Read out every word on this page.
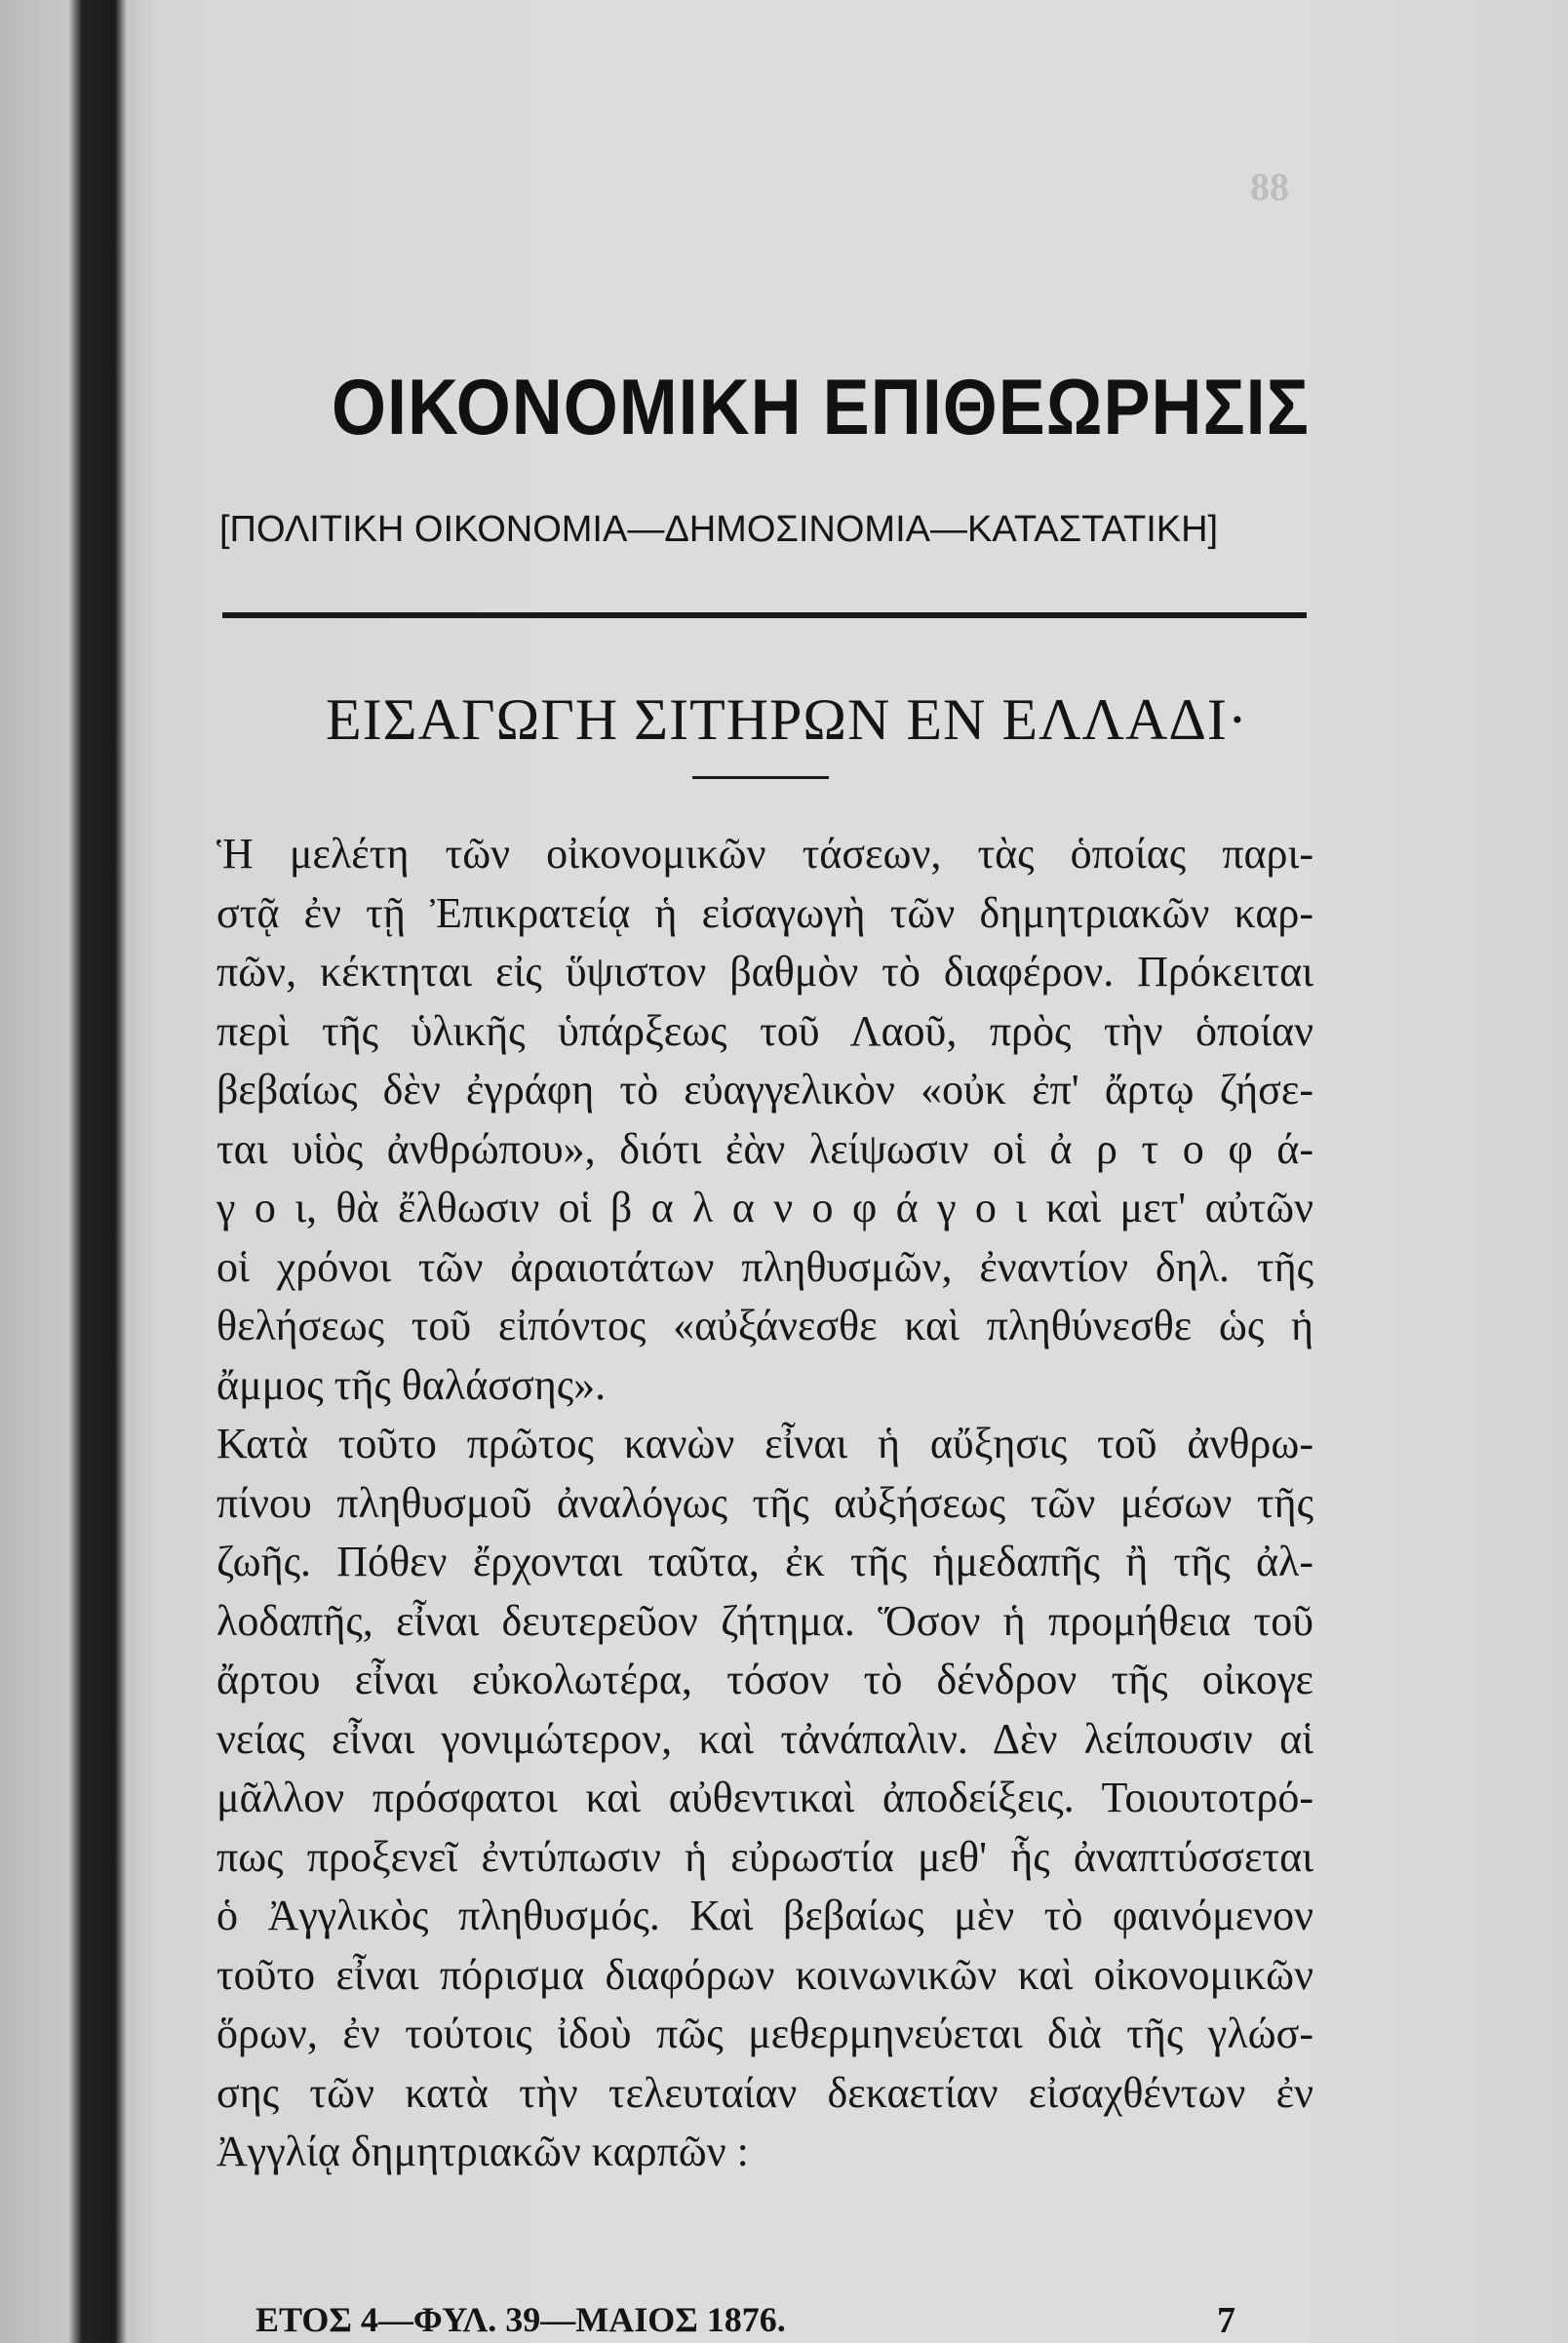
88
ΟΙΚΟΝΟΜΙΚΗ ΕΠΙΘΕΩΡΗΣΙΣ
[ΠΟΛΙΤΙΚΗ ΟΙΚΟΝΟΜΙΑ—ΔΗΜΟΣΙΝΟΜΙΑ—ΚΑΤΑΣΤΑΤΙΚΗ]
ΕΙΣΑΓΩΓΗ ΣΙΤΗΡΩΝ ΕΝ ΕΛΛΑΔΙ·
Ἡ μελέτη τῶν οἰκονομικῶν τάσεων, τὰς ὁποίας παρι-
στᾷ ἐν τῇ Ἐπικρατείᾳ ἡ εἰσαγωγὴ τῶν δημητριακῶν καρ-
πῶν, κέκτηται εἰς ὕψιστον βαθμὸν τὸ διαφέρον. Πρόκειται
περὶ τῆς ὑλικῆς ὑπάρξεως τοῦ Λαοῦ, πρὸς τὴν ὁποίαν
βεβαίως δὲν ἐγράφη τὸ εὐαγγελικὸν «οὐκ ἐπ' ἄρτῳ ζήσε-
ται υἱὸς ἀνθρώπου», διότι ἐὰν λείψωσιν οἱ ἀ ρ τ ο φ ά-
γ ο ι, θὰ ἔλθωσιν οἱ β α λ α ν ο φ ά γ ο ι καὶ μετ' αὐτῶν
οἱ χρόνοι τῶν ἀραιοτάτων πληθυσμῶν, ἐναντίον δηλ. τῆς
θελήσεως τοῦ εἰπόντος «αὐξάνεσθε καὶ πληθύνεσθε ὡς ἡ
ἄμμος τῆς θαλάσσης».
Κατὰ τοῦτο πρῶτος κανὼν εἶναι ἡ αὔξησις τοῦ ἀνθρω-
πίνου πληθυσμοῦ ἀναλόγως τῆς αὐξήσεως τῶν μέσων τῆς
ζωῆς. Πόθεν ἔρχονται ταῦτα, ἐκ τῆς ἡμεδαπῆς ἢ τῆς ἀλ-
λοδαπῆς, εἶναι δευτερεῦον ζήτημα. Ὅσον ἡ προμήθεια τοῦ
ἄρτου εἶναι εὐκολωτέρα, τόσον τὸ δένδρον τῆς οἰκογε
νείας εἶναι γονιμώτερον, καὶ τἀνάπαλιν. Δὲν λείπουσιν αἱ
μᾶλλον πρόσφατοι καὶ αὐθεντικαὶ ἀποδείξεις. Τοιουτοτρό-
πως προξενεῖ ἐντύπωσιν ἡ εὐρωστία μεθ' ἧς ἀναπτύσσεται
ὁ Ἀγγλικὸς πληθυσμός. Καὶ βεβαίως μὲν τὸ φαινόμενον
τοῦτο εἶναι πόρισμα διαφόρων κοινωνικῶν καὶ οἰκονομικῶν
ὅρων, ἐν τούτοις ἰδοὺ πῶς μεθερμηνεύεται διὰ τῆς γλώσ-
σης τῶν κατὰ τὴν τελευταίαν δεκαετίαν εἰσαχθέντων ἐν
Ἀγγλίᾳ δημητριακῶν καρπῶν :
ΕΤΟΣ 4—ΦΥΛ. 39—ΜΑΙΟΣ 1876.	7
